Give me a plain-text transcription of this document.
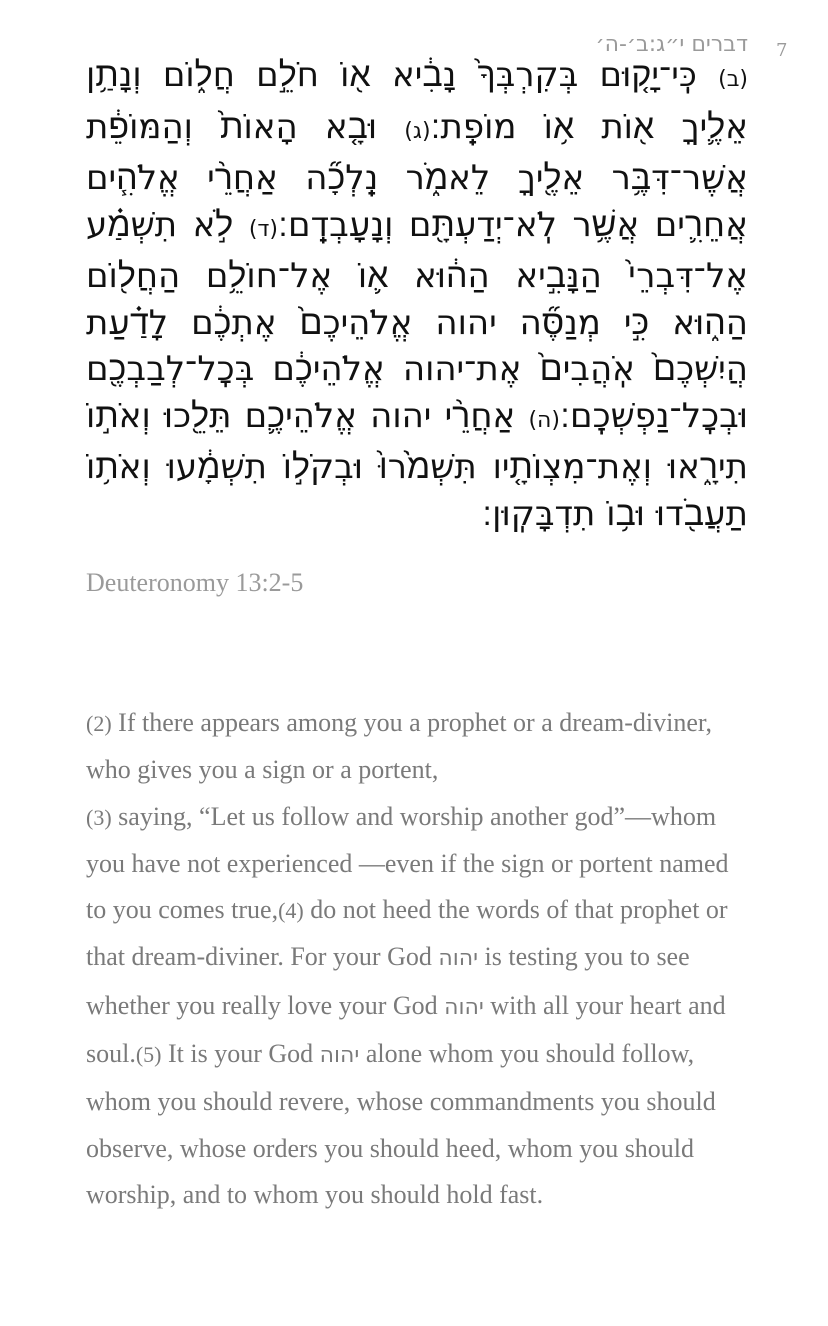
7
דברים י״ג:ב׳-ה׳
(ב) כִּֽי־יָק֤וּם בְּקִרְבְּךָ֙ נָבִ֔יא א֖וֹ חֹלֵ֣ם חֲל֑וֹם וְנָתַ֥ן אֵלֶ֛יךָ א֖וֹת א֥וֹ מוֹפֵֽת׃(ג) וּבָ֤א הָאוֹת֙ וְהַמּוֹפֵ֔ת אֲשֶׁר־דִּבֶּ֥ר אֵלֶ֖יךָ לֵאמֹ֑ר נֵֽלְכָ֞ה אַחֲרֵ֨י אֱלֹהִ֧ים אֲחֵרִ֛ים אֲשֶׁ֥ר לֹֽא־יְדַעְתָּ֖ם וְנָעָבְדֵֽם׃(ד) לֹ֣א תִשְׁמַ֗ע אֶל־דִּבְרֵי֙ הַנָּבִ֣יא הַה֔וּא א֛וֹ אֶל־חוֹלֵ֥ם הַחֲל֖וֹם הַה֑וּא כִּ֣י מְנַסֶּ֞ה יהוה אֱלֹהֵיכֶם֙ אֶתְכֶ֔ם לָדַ֗עַת הֲיִשְׁכֶם֙ אֹֽהֲבִים֙ אֶת־יהוה אֱלֹהֵיכֶ֔ם בְּכׇל־לְבַבְכֶ֖ם וּבְכׇל־נַפְשְׁכֶֽם׃(ה) אַחֲרֵ֨י יהוה אֱלֹהֵיכֶ֛ם תֵּלֵ֖כוּ וְאֹת֣וֹ תִירָ֑אוּ וְאֶת־מִצְוֺתָ֤יו תִּשְׁמֹ֙רוּ֙ וּבְקֹל֣וֹ תִשְׁמָ֔עוּ וְאֹת֥וֹ תַעֲבֹ֖דוּ וּב֥וֹ תִדְבָּקֽוּן׃
Deuteronomy 13:2-5
(2) If there appears among you a prophet or a dream-diviner, who gives you a sign or a portent,
(3) saying, “Let us follow and worship another god”—whom you have not experienced —even if the sign or portent named to you comes true,(4) do not heed the words of that prophet or that dream-diviner. For your God יהוה is testing you to see whether you really love your God יהוה with all your heart and soul.(5) It is your God יהוה alone whom you should follow, whom you should revere, whose commandments you should observe, whose orders you should heed, whom you should worship, and to whom you should hold fast.
